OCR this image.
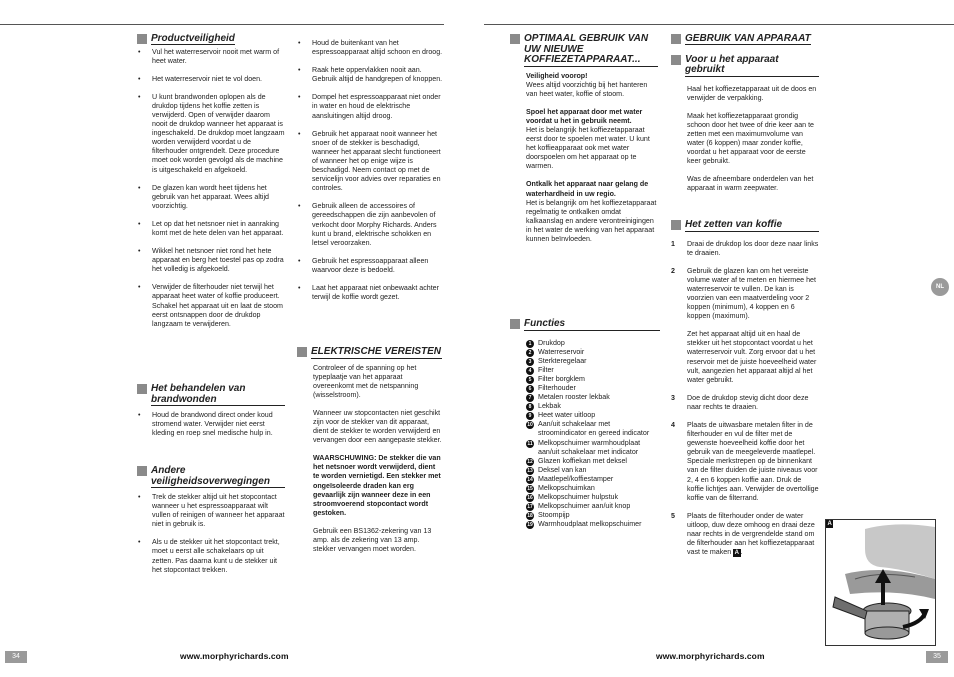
Productveiligheid
• Vul het waterreservoir nooit met warm of heet water.
• Het waterreservoir niet te vol doen.
• U kunt brandwonden oplopen als de drukdop tijdens het koffie zetten is verwijderd. Open of verwijder daarom nooit de drukdop wanneer het apparaat is ingeschakeld. De drukdop moet langzaam worden verwijderd voordat u de filterhouder ontgrendelt. Deze procedure moet ook worden gevolgd als de machine is uitgeschakeld en afgekoeld.
• De glazen kan wordt heet tijdens het gebruik van het apparaat. Wees altijd voorzichtig.
• Let op dat het netsnoer niet in aanraking komt met de hete delen van het apparaat.
• Wikkel het netsnoer niet rond het hete apparaat en berg het toestel pas op zodra het volledig is afgekoeld.
• Verwijder de filterhouder niet terwijl het apparaat heet water of koffie produceert. Schakel het apparaat uit en laat de stoom eerst ontsnappen door de drukdop langzaam te verwijderen.
Het behandelen van brandwonden
• Houd de brandwond direct onder koud stromend water. Verwijder niet eerst kleding en roep snel medische hulp in.
Andere veiligheidsoverwegingen
• Trek de stekker altijd uit het stopcontact wanneer u het espressoapparaat wilt vullen of reinigen of wanneer het apparaat niet in gebruik is.
• Als u de stekker uit het stopcontact trekt, moet u eerst alle schakelaars op uit zetten. Pas daarna kunt u de stekker uit het stopcontact trekken.
• Houd de buitenkant van het espressoapparaat altijd schoon en droog.
• Raak hete oppervlakken nooit aan. Gebruik altijd de handgrepen of knoppen.
• Dompel het espressoapparaat niet onder in water en houd de elektrische aansluitingen altijd droog.
• Gebruik het apparaat nooit wanneer het snoer of de stekker is beschadigd, wanneer het apparaat slecht functioneert of wanneer het op enige wijze is beschadigd. Neem contact op met de servicelijn voor advies over reparaties en controles.
• Gebruik alleen de accessoires of gereedschappen die zijn aanbevolen of verkocht door Morphy Richards. Anders kunt u brand, elektrische schokken en letsel veroorzaken.
• Gebruik het espressoapparaat alleen waarvoor deze is bedoeld.
• Laat het apparaat niet onbewaakt achter terwijl de koffie wordt gezet.
ELEKTRISCHE VEREISTEN

Controleer of de spanning op het typeplaatje van het apparaat overeenkomt met de netspanning (wisselstroom).

Wanneer uw stopcontacten niet geschikt zijn voor de stekker van dit apparaat, dient de stekker te worden verwijderd en vervangen door een aangepaste stekker.

WAARSCHUWING: De stekker die van het netsnoer wordt verwijderd, dient te worden vernietigd. Een stekker met ongeïsoleerde draden kan erg gevaarlijk zijn wanneer deze in een stroomvoerend stopcontact wordt gestoken.

Gebruik een BS1362-zekering van 13 amp. als de zekering van 13 amp. stekker vervangen moet worden.

34	www.morphyrichards.com
OPTIMAAL GEBRUIK VAN UW NIEUWE KOFFIEZETAPPARAAT...
Veiligheid voorop!

Wees altijd voorzichtig bij het hanteren van heet water, koffie of stoom.

Spoel het apparaat door met water voordat u het in gebruik neemt.

Het is belangrijk het koffiezetapparaat eerst door te spoelen met water. U kunt het koffieapparaat ook met water doorspoelen om het apparaat op te warmen.

Ontkalk het apparaat naar gelang de waterhardheid in uw regio.

Het is belangrijk om het koffiezetapparaat regelmatig te ontkalken omdat kalkaanslag en andere verontreinigingen in het water de werking van het apparaat kunnen beïnvloeden.

Functies
1 Drukdop
2 Waterreservoir
3 Sterkteregelaar
4 Filter
5 Filter borgklem
6 Filterhouder
7 Metalen rooster lekbak
8 Lekbak
9 Heet water uitloop
10 Aan/uit schakelaar met stroomindicator en gereed indicator
11 Melkopschuimer warmhoudplaat aan/uit schakelaar met indicator
12 Glazen koffiekan met deksel
13 Deksel van kan
14 Maatlepel/koffiestamper
15 Melkopschuimkan
16 Melkopschuimer hulpstuk
17 Melkopschuimer aan/uit knop
18 Stoompijp
19 Warmhoudplaat melkopschuimer
GEBRUIK VAN APPARAAT
Voor u het apparaat gebruikt

Haal het koffiezetapparaat uit de doos en verwijder de verpakking.

Maak het koffiezetapparaat grondig schoon door het twee of drie keer aan te zetten met een maximumvolume van water (6 koppen) maar zonder koffie, voordat u het apparaat voor de eerste keer gebruikt.

Was de afneembare onderdelen van het apparaat in warm zeepwater.

Het zetten van koffie
1 Draai de drukdop los door deze naar links te draaien.
2 Gebruik de glazen kan om het vereiste volume water af te meten en hiermee het waterreservoir te vullen. De kan is voorzien van een maatverdeling voor 2 koppen (minimum), 4 koppen en 6 koppen (maximum).
Zet het apparaat altijd uit en haal de stekker uit het stopcontact voordat u het waterreservoir vult. Zorg ervoor dat u het reservoir met de juiste hoeveelheid water vult, aangezien het apparaat altijd al het water gebruikt.
3 Doe de drukdop stevig dicht door deze naar rechts te draaien.
4 Plaats de uitwasbare metalen filter in de filterhouder en vul de filter met de gewenste hoeveelheid koffie door het gebruik van de meegeleverde maatlepel. Speciale merkstrepen op de binnenkant van de filter duiden de juiste niveaus voor 2, 4 en 6 koppen koffie aan. Druk de koffie lichtjes aan. Verwijder de overtollige koffie van de filterrand.
5 Plaats de filterhouder onder de water uitloop, duw deze omhoog en draai deze naar rechts in de vergrendelde stand om de filterhouder aan het koffiezetapparaat vast te maken A .
NL
A
www.morphyrichards.com	35
